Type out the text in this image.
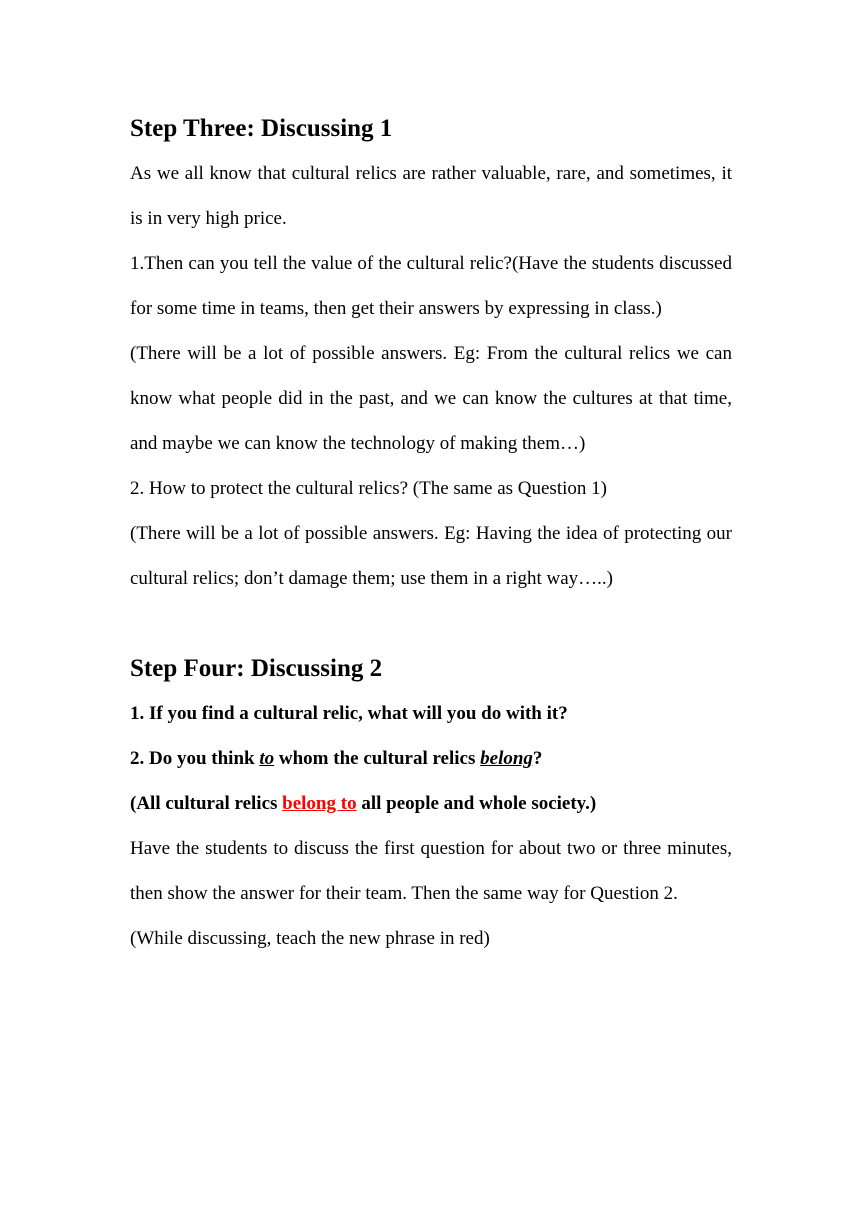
Step Three: Discussing 1

As we all know that cultural relics are rather valuable, rare, and sometimes, it is in very high price.

1.Then can you tell the value of the cultural relic?(Have the students discussed for some time in teams, then get their answers by expressing in class.)

(There will be a lot of possible answers. Eg: From the cultural relics we can know what people did in the past, and we can know the cultures at that time, and maybe we can know the technology of making them…)

2. How to protect the cultural relics? (The same as Question 1)

(There will be a lot of possible answers. Eg: Having the idea of protecting our cultural relics; don’t damage them; use them in a right way…..)

Step Four: Discussing 2

1. If you find a cultural relic, what will you do with it?

2. Do you think to whom the cultural relics belong?

(All cultural relics belong to all people and whole society.)

Have the students to discuss the first question for about two or three minutes, then show the answer for their team. Then the same way for Question 2.

(While discussing, teach the new phrase in red)
